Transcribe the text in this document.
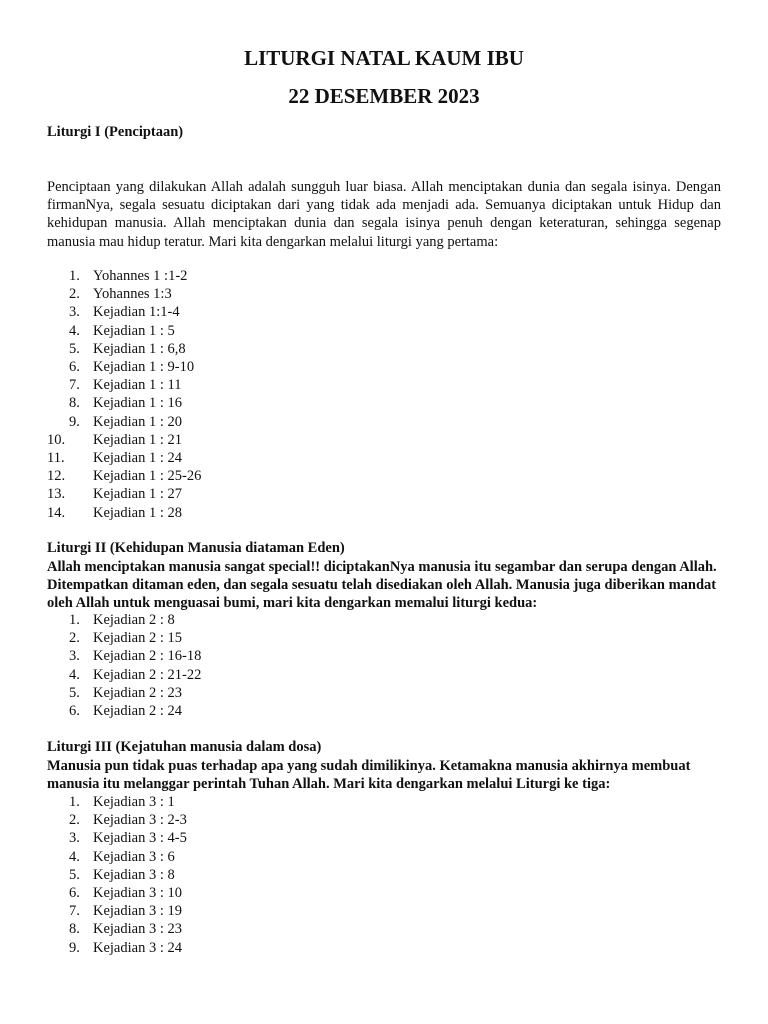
LITURGI NATAL KAUM IBU
22 DESEMBER 2023
Liturgi I (Penciptaan)

Penciptaan yang dilakukan Allah adalah sungguh luar biasa. Allah menciptakan dunia dan segala isinya. Dengan firmanNya, segala sesuatu diciptakan dari yang tidak ada menjadi ada. Semuanya diciptakan untuk Hidup dan kehidupan manusia. Allah menciptakan dunia dan segala isinya penuh dengan keteraturan, sehingga segenap manusia mau hidup teratur. Mari kita dengarkan melalui liturgi yang pertama:

1. Yohannes 1 :1-2
2. Yohannes 1:3
3. Kejadian 1:1-4
4. Kejadian 1 : 5
5. Kejadian 1 : 6,8
6. Kejadian 1 : 9-10
7. Kejadian 1 : 11
8. Kejadian 1 : 16
9. Kejadian 1 : 20
10. Kejadian 1 : 21
11. Kejadian 1 : 24
12. Kejadian 1 : 25-26
13. Kejadian 1 : 27
14. Kejadian 1 : 28
Liturgi II (Kehidupan Manusia diataman Eden)

Allah menciptakan manusia sangat special!! diciptakanNya manusia itu segambar dan serupa dengan Allah. Ditempatkan ditaman eden, dan segala sesuatu telah disediakan oleh Allah. Manusia juga diberikan mandat oleh Allah untuk menguasai bumi, mari kita dengarkan memalui liturgi kedua:

1. Kejadian 2 : 8
2. Kejadian 2 : 15
3. Kejadian 2 : 16-18
4. Kejadian 2 : 21-22
5. Kejadian 2 : 23
6. Kejadian 2 : 24
Liturgi III (Kejatuhan manusia dalam dosa)

Manusia pun tidak puas terhadap apa yang sudah dimilikinya. Ketamakna manusia akhirnya membuat manusia itu melanggar perintah Tuhan Allah. Mari kita dengarkan melalui Liturgi ke tiga:

1. Kejadian 3 : 1
2. Kejadian 3 : 2-3
3. Kejadian 3 : 4-5
4. Kejadian 3 : 6
5. Kejadian 3 : 8
6. Kejadian 3 : 10
7. Kejadian 3 : 19
8. Kejadian 3 : 23
9. Kejadian 3 : 24
